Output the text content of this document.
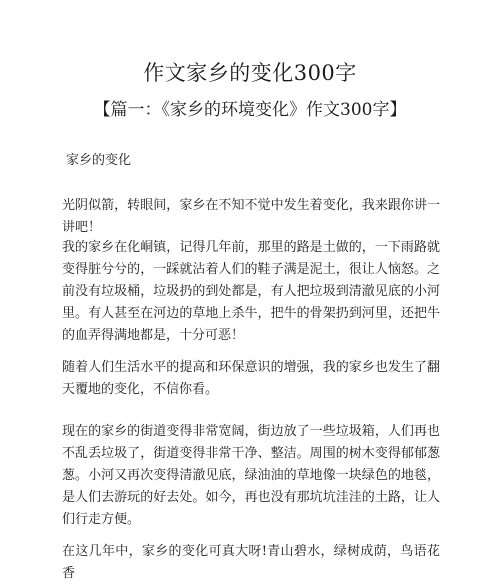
作文家乡的变化300字
【篇一：《家乡的环境变化》作文300字】
家乡的变化

光阴似箭，转眼间，家乡在不知不觉中发生着变化，我来跟你讲一讲吧！

我的家乡在化峒镇，记得几年前，那里的路是土做的，一下雨路就变得脏兮兮的，一踩就沾着人们的鞋子满是泥土，很让人恼怒。之前没有垃圾桶，垃圾扔的到处都是，有人把垃圾到清澈见底的小河里。有人甚至在河边的草地上杀牛，把牛的骨架扔到河里，还把牛的血弄得满地都是，十分可恶！

随着人们生活水平的提高和环保意识的增强，我的家乡也发生了翻天覆地的变化，不信你看。

现在的家乡的街道变得非常宽阔，街边放了一些垃圾箱，人们再也不乱丢垃圾了，街道变得非常干净、整洁。周围的树木变得郁郁葱葱。小河又再次变得清澈见底，绿油油的草地像一块绿色的地毯，是人们去游玩的好去处。如今，再也没有那坑坑洼洼的土路，让人们行走方便。

在这几年中，家乡的变化可真大呀!青山碧水，绿树成荫，鸟语花香
